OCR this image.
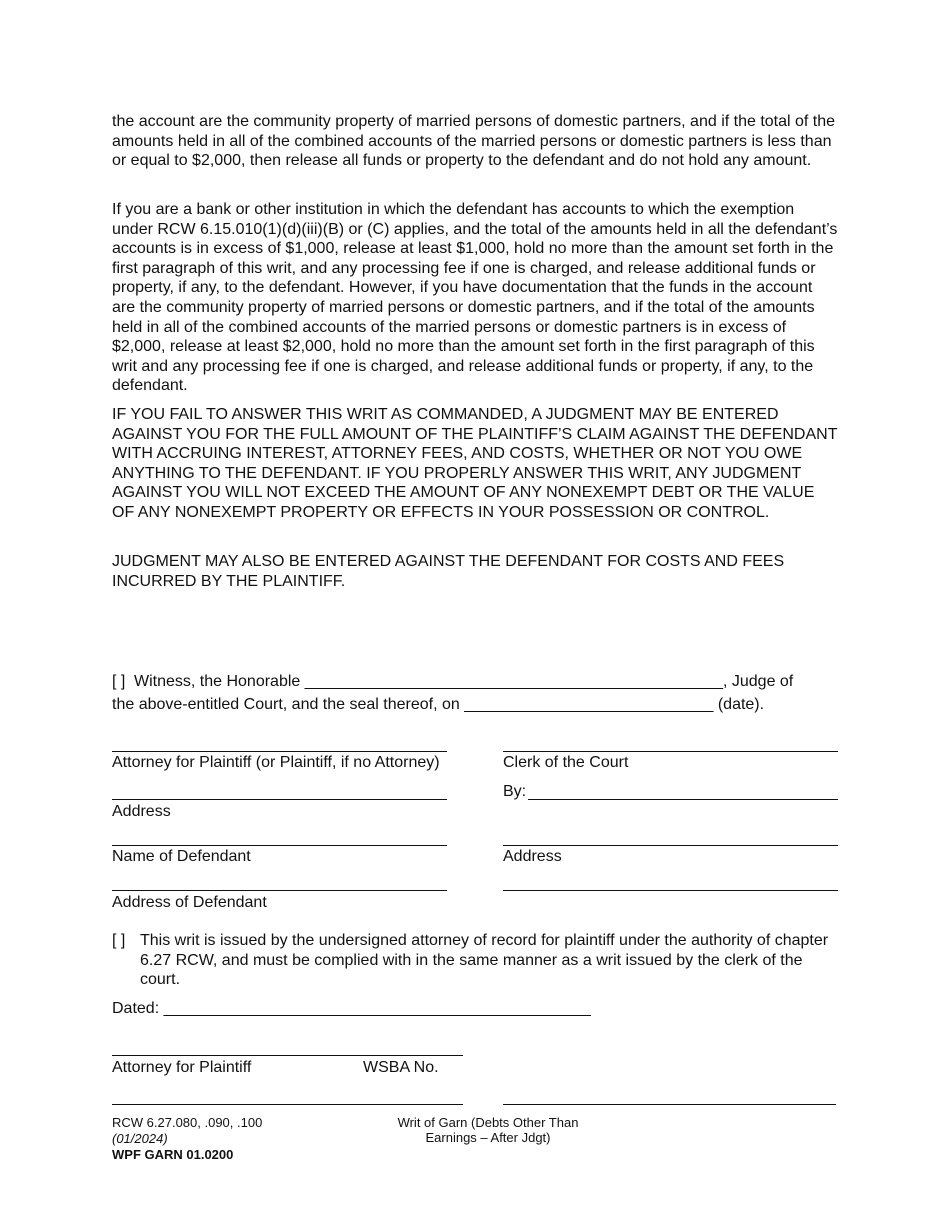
the account are the community property of married persons of domestic partners, and if the total of the amounts held in all of the combined accounts of the married persons or domestic partners is less than or equal to $2,000, then release all funds or property to the defendant and do not hold any amount.

If you are a bank or other institution in which the defendant has accounts to which the exemption under RCW 6.15.010(1)(d)(iii)(B) or (C) applies, and the total of the amounts held in all the defendant’s accounts is in excess of $1,000, release at least $1,000, hold no more than the amount set forth in the first paragraph of this writ, and any processing fee if one is charged, and release additional funds or property, if any, to the defendant. However, if you have documentation that the funds in the account are the community property of married persons or domestic partners, and if the total of the amounts held in all of the combined accounts of the married persons or domestic partners is in excess of $2,000, release at least $2,000, hold no more than the amount set forth in the first paragraph of this writ and any processing fee if one is charged, and release additional funds or property, if any, to the defendant.

IF YOU FAIL TO ANSWER THIS WRIT AS COMMANDED, A JUDGMENT MAY BE ENTERED AGAINST YOU FOR THE FULL AMOUNT OF THE PLAINTIFF’S CLAIM AGAINST THE DEFENDANT WITH ACCRUING INTEREST, ATTORNEY FEES, AND COSTS, WHETHER OR NOT YOU OWE ANYTHING TO THE DEFENDANT. IF YOU PROPERLY ANSWER THIS WRIT, ANY JUDGMENT AGAINST YOU WILL NOT EXCEED THE AMOUNT OF ANY NONEXEMPT DEBT OR THE VALUE OF ANY NONEXEMPT PROPERTY OR EFFECTS IN YOUR POSSESSION OR CONTROL.

JUDGMENT MAY ALSO BE ENTERED AGAINST THE DEFENDANT FOR COSTS AND FEES INCURRED BY THE PLAINTIFF.

[ ] Witness, the Honorable _______________________________________________, Judge of
the above-entitled Court, and the seal thereof, on ____________________________ (date).
Attorney for Plaintiff (or Plaintiff, if no Attorney)
Address
Name of Defendant
Address of Defendant
Clerk of the Court
By:
Address
[ ] This writ is issued by the undersigned attorney of record for plaintiff under the authority of chapter 6.27 RCW, and must be complied with in the same manner as a writ issued by the clerk of the court.

Dated: ________________________________________________
Attorney for Plaintiff	WSBA No.
RCW 6.27.080, .090, .100
(01/2024)
WPF GARN 01.0200
Writ of Garn (Debts Other Than
Earnings – After Jdgt)
